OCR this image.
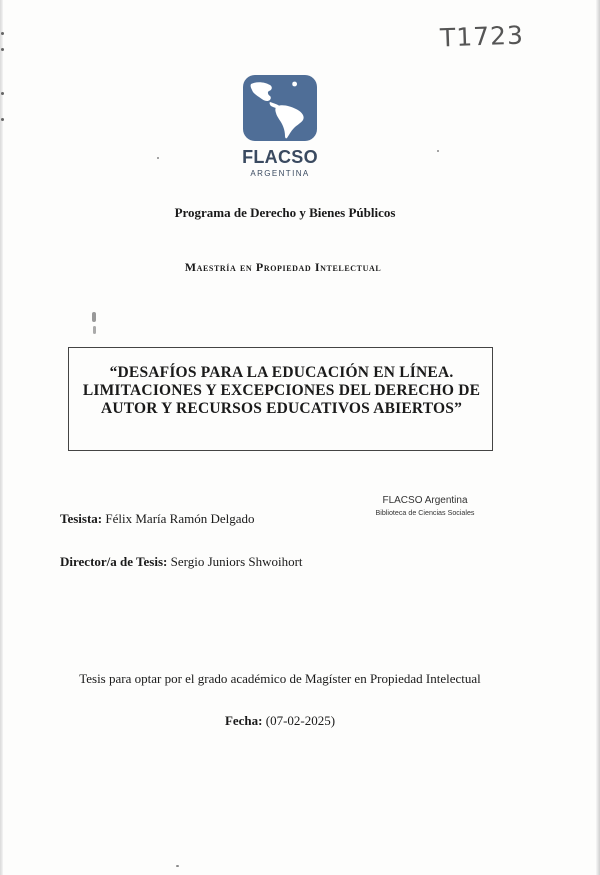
T1723
FLACSO
ARGENTINA
Programa de Derecho y Bienes Públicos
Maestría en Propiedad Intelectual
“DESAFÍOS PARA LA EDUCACIÓN EN LÍNEA.
LIMITACIONES Y EXCEPCIONES DEL DERECHO DE
AUTOR Y RECURSOS EDUCATIVOS ABIERTOS”
FLACSO Argentina
Biblioteca de Ciencias Sociales
Tesista: Félix María Ramón Delgado
Director/a de Tesis: Sergio Juniors Shwoihort
Tesis para optar por el grado académico de Magíster en Propiedad Intelectual
Fecha: (07-02-2025)
